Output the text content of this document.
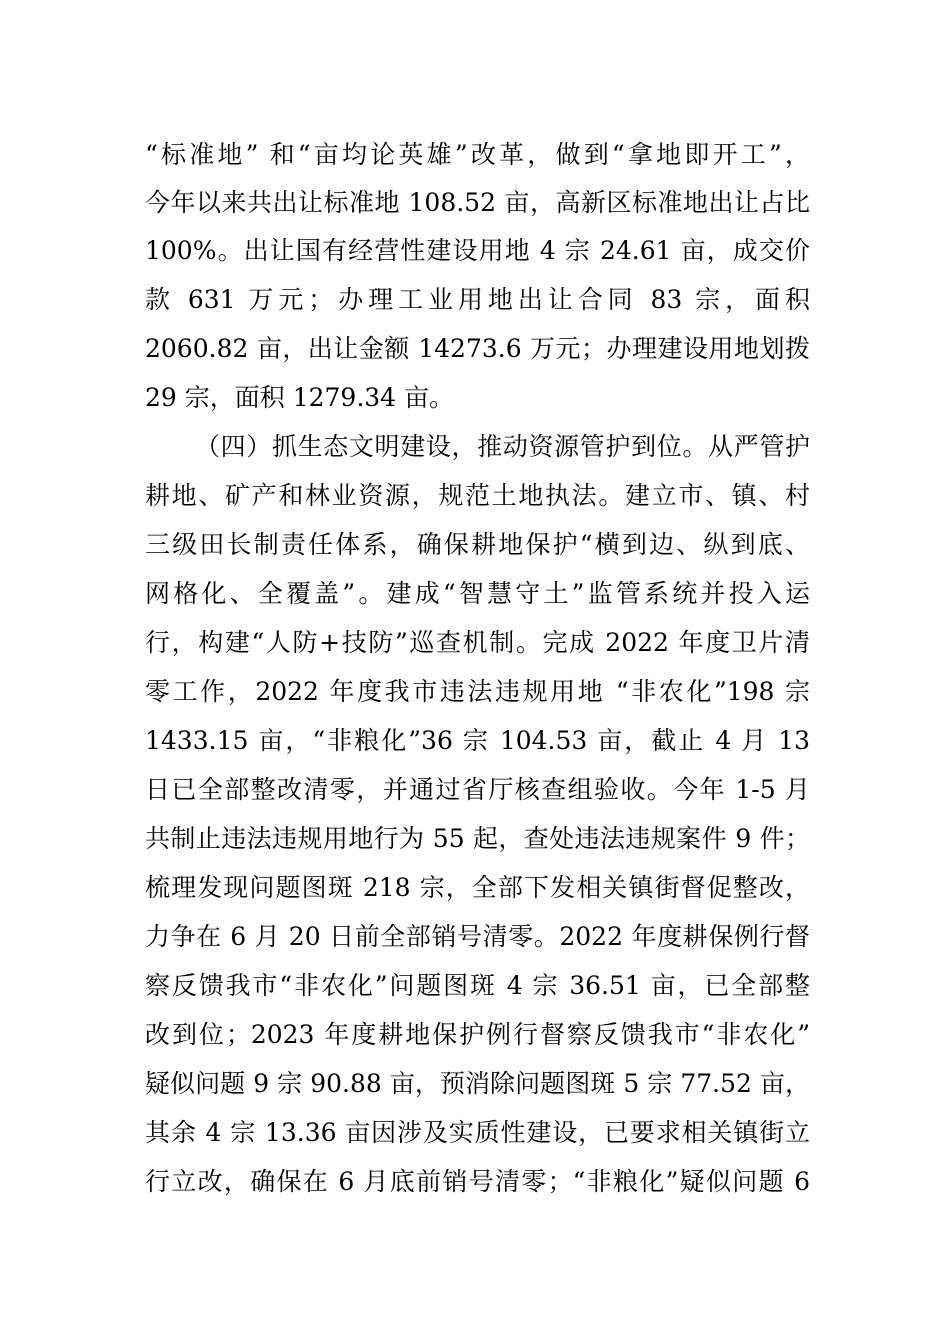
“标准地” 和“亩均论英雄”改革，做到“拿地即开工”，
今年以来共出让标准地 108.52 亩，高新区标准地出让占比
100%。出让国有经营性建设用地 4 宗 24.61 亩，成交价
款 631 万元；办理工业用地出让合同 83 宗，面积
2060.82 亩，出让金额 14273.6 万元；办理建设用地划拨
29 宗，面积 1279.34 亩。
（四）抓生态文明建设，推动资源管护到位。从严管护
耕地、矿产和林业资源，规范土地执法。建立市、镇、村
三级田长制责任体系，确保耕地保护“横到边、纵到底、
网格化、全覆盖”。建成“智慧守土”监管系统并投入运
行，构建“人防+技防”巡查机制。完成 2022 年度卫片清
零工作，2022 年度我市违法违规用地 “非农化”198 宗
1433.15 亩，“非粮化”36 宗 104.53 亩，截止 4 月 13
日已全部整改清零，并通过省厅核查组验收。今年 1-5 月
共制止违法违规用地行为 55 起，查处违法违规案件 9 件；
梳理发现问题图斑 218 宗，全部下发相关镇街督促整改，
力争在 6 月 20 日前全部销号清零。2022 年度耕保例行督
察反馈我市“非农化”问题图斑 4 宗 36.51 亩，已全部整
改到位；2023 年度耕地保护例行督察反馈我市“非农化”
疑似问题 9 宗 90.88 亩，预消除问题图斑 5 宗 77.52 亩，
其余 4 宗 13.36 亩因涉及实质性建设，已要求相关镇街立
行立改，确保在 6 月底前销号清零；“非粮化”疑似问题 6
